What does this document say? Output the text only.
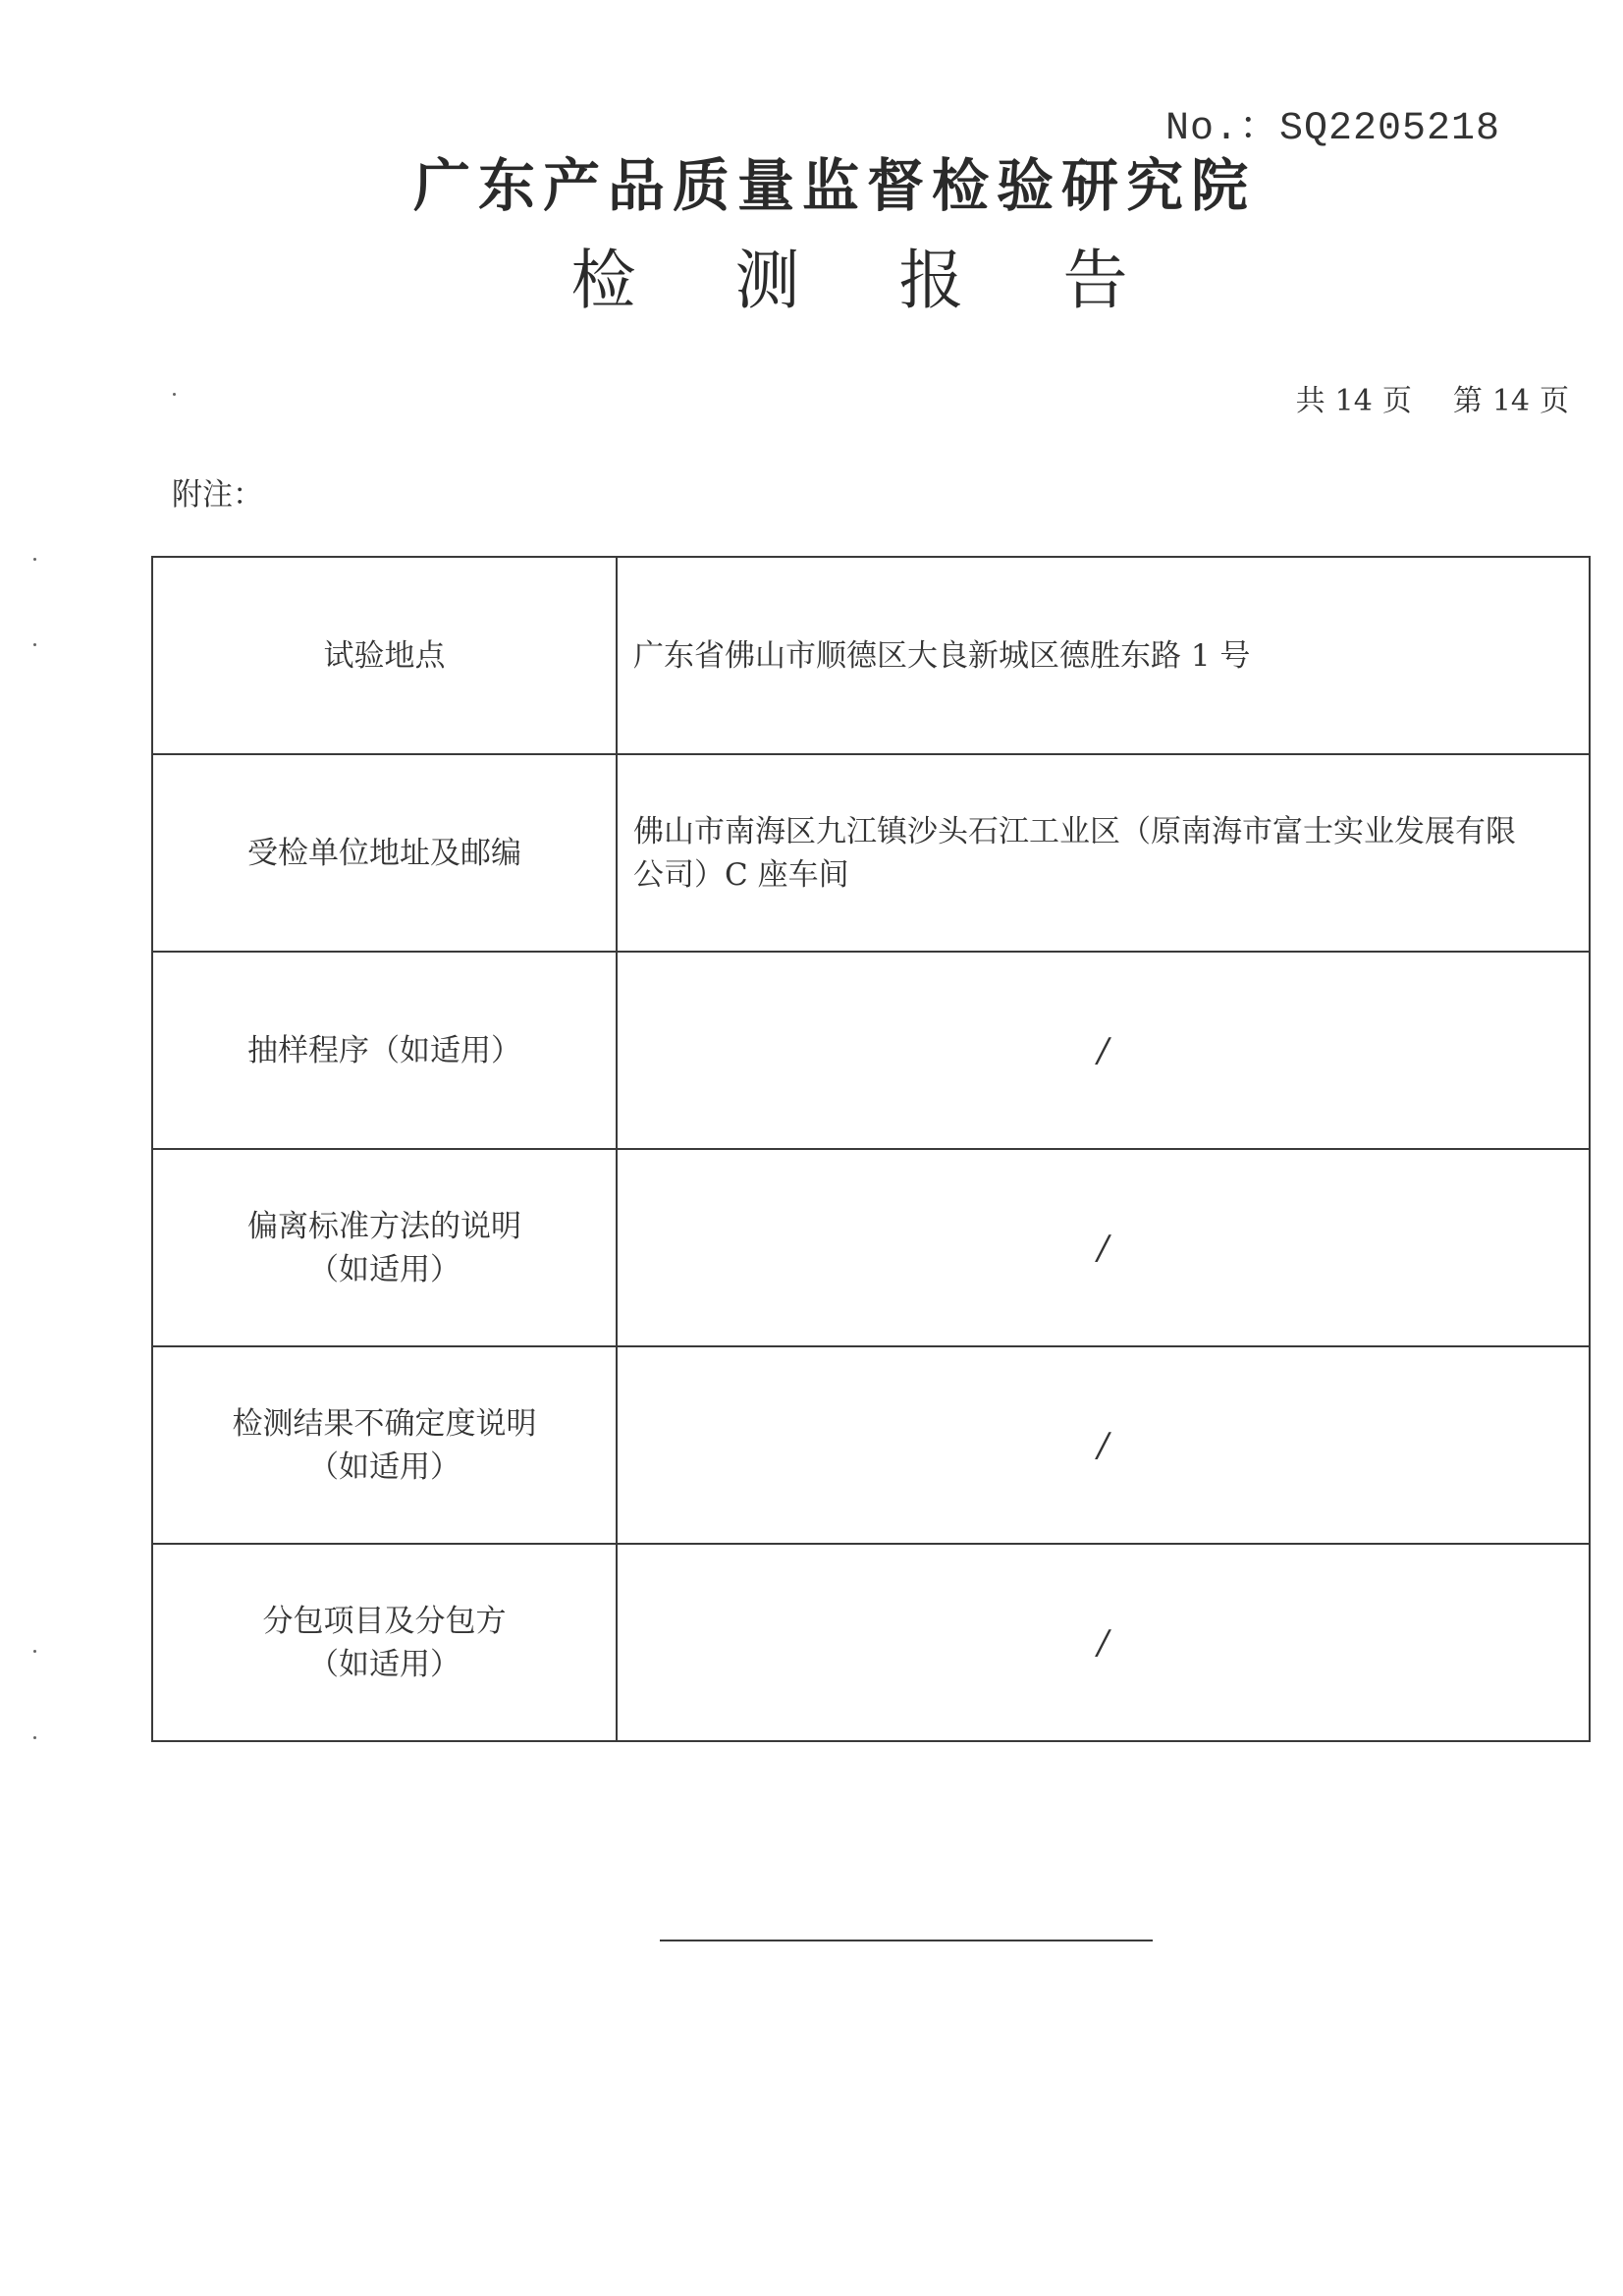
No.：SQ2205218
广东产品质量监督检验研究院
检 测 报 告
共 14 页 第 14 页
附注：
试验地点	广东省佛山市顺德区大良新城区德胜东路 1 号

受检单位地址及邮编	佛山市南海区九江镇沙头石江工业区（原南海市富士实业发展有限
公司）C 座车间

抽样程序（如适用）	/

偏离标准方法的说明
（如适用）	/

检测结果不确定度说明
（如适用）	/

分包项目及分包方
（如适用）	/
